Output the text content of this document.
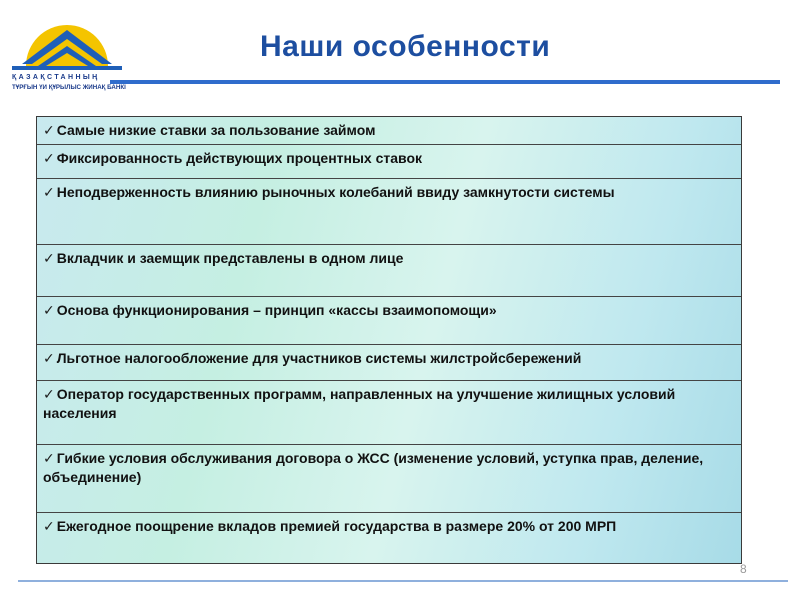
ҚАЗАҚСТАННЫҢ
ТҰРҒЫН ҮЙ ҚҰРЫЛЫС ЖИНАҚ БАНКІ
Наши особенности
✓ Самые низкие ставки за пользование займом
✓ Фиксированность действующих процентных ставок
✓ Неподверженность влиянию рыночных колебаний ввиду замкнутости системы
✓ Вкладчик и заемщик представлены в одном лице
✓ Основа функционирования – принцип «кассы взаимопомощи»
✓ Льготное налогообложение для участников системы жилстройсбережений
✓ Оператор государственных программ, направленных на улучшение жилищных условий населения
✓ Гибкие условия обслуживания договора о ЖСС (изменение условий, уступка прав, деление, объединение)
✓ Ежегодное поощрение вкладов премией государства в размере 20% от 200 МРП
8
